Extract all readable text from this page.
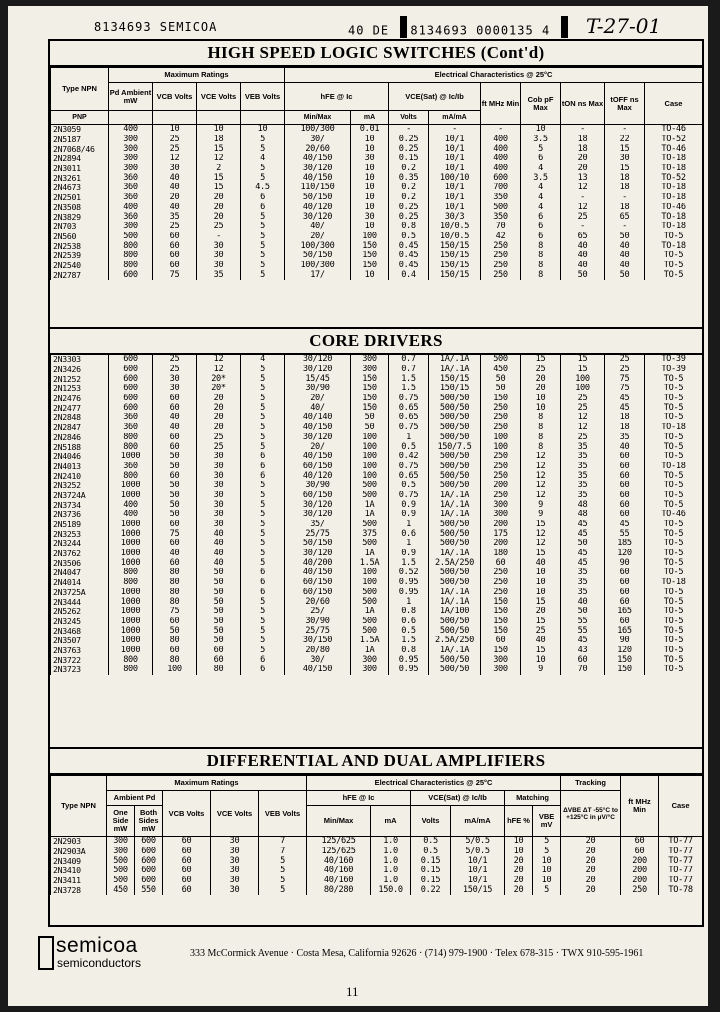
8134693 SEMICOA	40 DE 8134693 0000135 4	T-27-01
HIGH SPEED LOGIC SWITCHES (Cont'd)
Type NPN	Maximum Ratings				Electrical Characteristics @ 25°C								
	Pd Ambient mW	VCB Volts	VCE Volts	VEB Volts	hFE @ Ic		VCE(Sat) @ Ic/Ib		ft MHz Min	Cob pF Max	tON ns Max	tOFF ns Max	Case
PNP					Min/Max	mA	Volts	mA/mA					
2N3059	400	10	10	10	100/300	0.01	-	-	-	10	-	-	TO-46
2N5187	300	25	18	5	30/	10	0.25	10/1	400	3.5	18	22	TO-52
2N7068/46	300	25	15	5	20/60	10	0.25	10/1	400	5	18	15	TO-46
2N2894	300	12	12	4	40/150	30	0.15	10/1	400	6	20	30	TO-18
2N3011	300	30	2	5	30/120	10	0.2	10/1	400	4	20	15	TO-18
2N3261	360	40	15	5	40/150	10	0.35	100/10	600	3.5	13	18	TO-52
2N4673	360	40	15	4.5	110/150	10	0.2	10/1	700	4	12	18	TO-18
2N2501	360	20	20	6	50/150	10	0.2	10/1	350	4	-	-	TO-18
2N3508	400	40	20	6	40/120	10	0.25	10/1	500	4	12	18	TO-46
2N3829	360	35	20	5	30/120	30	0.25	30/3	350	6	25	65	TO-18
2N703	300	25	25	5	40/	10	0.8	10/0.5	70	6	-	-	TO-18
2N560	500	60	-	5	20/	100	0.5	10/0.5	42	6	65	50	TO-5
2N2538	800	60	30	5	100/300	150	0.45	150/15	250	8	40	40	TO-18
2N2539	800	60	30	5	50/150	150	0.45	150/15	250	8	40	40	TO-5
2N2540	800	60	30	5	100/300	150	0.45	150/15	250	8	40	40	TO-5
2N2787	600	75	35	5	17/	10	0.4	150/15	250	8	50	50	TO-5
CORE DRIVERS
2N3303	600	25	12	4	30/120	300	0.7	1A/.1A	500	15	15	25	TO-39
2N3426	600	25	12	5	30/120	300	0.7	1A/.1A	450	25	15	25	TO-39
2N1252	600	30	20*	5	15/45	150	1.5	150/15	50	20	100	75	TO-5
2N1253	600	30	20*	5	30/90	150	1.5	150/15	50	20	100	75	TO-5
2N2476	600	60	20	5	20/	150	0.75	500/50	150	10	25	45	TO-5
2N2477	600	60	20	5	40/	150	0.65	500/50	250	10	25	45	TO-5
2N2848	360	40	20	5	40/140	50	0.65	500/50	250	8	12	18	TO-5
2N2847	360	40	20	5	40/150	50	0.75	500/50	250	8	12	18	TO-18
2N2846	800	60	25	5	30/120	100	1	500/50	100	8	25	35	TO-5
2N5188	800	60	25	5	20/	100	0.5	150/7.5	100	8	35	40	TO-5
2N4046	1000	50	30	6	40/150	100	0.42	500/50	250	12	35	60	TO-5
2N4013	360	50	30	6	60/150	100	0.75	500/50	250	12	35	60	TO-18
2N2410	800	60	30	6	40/120	100	0.65	500/50	250	12	35	60	TO-5
2N3252	1000	50	30	5	30/90	500	0.5	500/50	200	12	35	60	TO-5
2N3724A	1000	50	30	5	60/150	500	0.75	1A/.1A	250	12	35	60	TO-5
2N3734	400	50	30	5	30/120	1A	0.9	1A/.1A	300	9	48	60	TO-5
2N3736	400	50	30	5	30/120	1A	0.9	1A/.1A	300	9	48	60	TO-46
2N5189	1000	60	30	5	35/	500	1	500/50	200	15	45	45	TO-5
2N3253	1000	75	40	5	25/75	375	0.6	500/50	175	12	45	55	TO-5
2N3244	1000	60	40	5	50/150	500	1	500/50	200	12	50	185	TO-5
2N3762	1000	40	40	5	30/120	1A	0.9	1A/.1A	180	15	45	120	TO-5
2N3506	1000	60	40	5	40/200	1.5A	1.5	2.5A/250	60	40	45	90	TO-5
2N4047	800	80	50	6	40/150	100	0.52	500/50	250	10	35	60	TO-5
2N4014	800	80	50	6	60/150	100	0.95	500/50	250	10	35	60	TO-18
2N3725A	1000	80	50	6	60/150	500	0.95	1A/.1A	250	10	35	60	TO-5
2N3444	1000	80	50	5	20/60	500	1	1A/.1A	150	15	40	60	TO-5
2N5262	1000	75	50	5	25/	1A	0.8	1A/100	150	20	50	165	TO-5
2N3245	1000	60	50	5	30/90	500	0.6	500/50	150	15	55	60	TO-5
2N3468	1000	50	50	5	25/75	500	0.5	500/50	150	25	55	165	TO-5
2N3507	1000	80	50	5	30/150	1.5A	1.5	2.5A/250	60	40	45	90	TO-5
2N3763	1000	60	60	5	20/80	1A	0.8	1A/.1A	150	15	43	120	TO-5
2N3722	800	80	60	6	30/	300	0.95	500/50	300	10	60	150	TO-5
2N3723	800	100	80	6	40/150	300	0.95	500/50	300	9	70	150	TO-5
DIFFERENTIAL AND DUAL AMPLIFIERS
Type NPN	Maximum Ratings					Electrical Characteristics @ 25°C						Tracking	ft MHz Min	Case
	Ambient Pd		VCB Volts	VCE Volts	VEB Volts	hFE @ Ic		VCE(Sat) @ Ic/Ib		Matching		ΔVBE ΔT -55°C to +125°C in μV/°C		
	One Side mW	Both Sides mW				Min/Max	mA	Volts	mA/mA	hFE %	VBE mV			
2N2903	300	600	60	30	7	125/625	1.0	0.5	5/0.5	10	5	20	60	TO-77
2N2903A	300	600	60	30	7	125/625	1.0	0.5	5/0.5	10	5	20	60	TO-77
2N3409	500	600	60	30	5	40/160	1.0	0.15	10/1	20	10	20	200	TO-77
2N3410	500	600	60	30	5	40/160	1.0	0.15	10/1	20	10	20	200	TO-77
2N3411	500	600	60	30	5	40/160	1.0	0.15	10/1	20	10	20	200	TO-77
2N3728	450	550	60	30	5	80/280	150.0	0.22	150/15	20	5	20	250	TO-78
semicoa
semiconductors
333 McCormick Avenue · Costa Mesa, California 92626 · (714) 979-1900 · Telex 678-315 · TWX 910-595-1961
11
